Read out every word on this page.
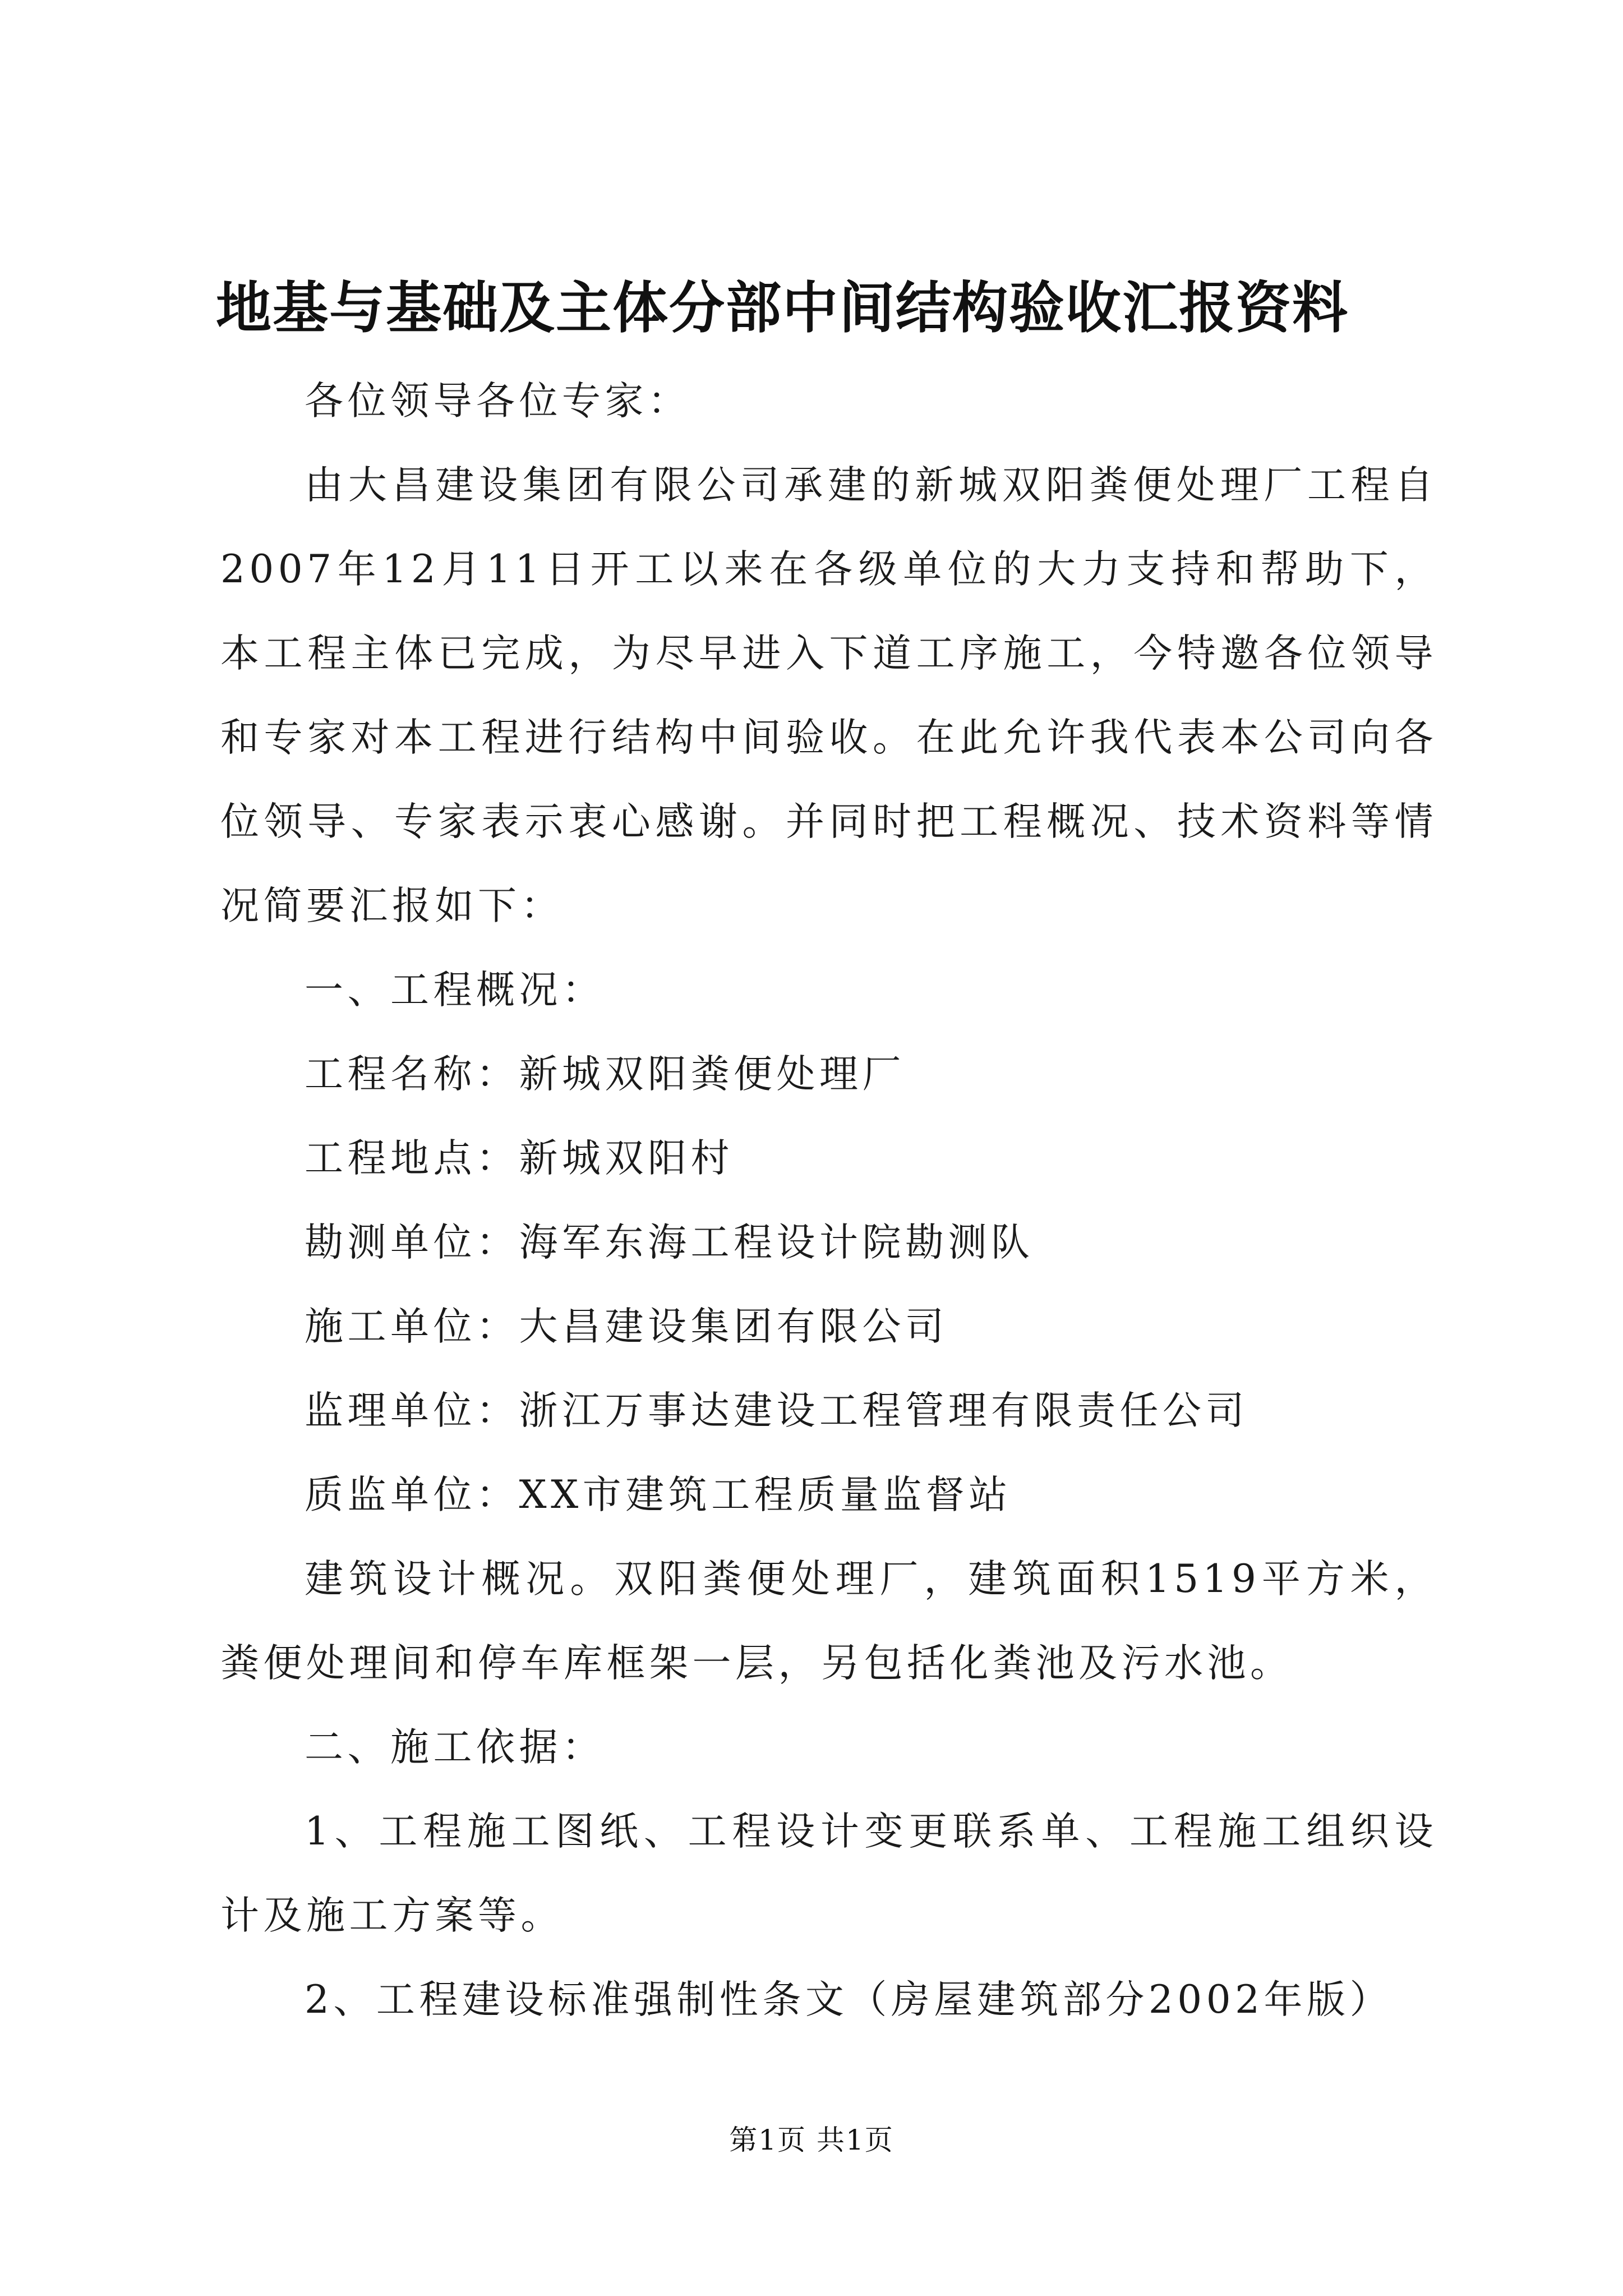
地基与基础及主体分部中间结构验收汇报资料

各位领导各位专家：

由大昌建设集团有限公司承建的新城双阳粪便处理厂工程自2007年12月11日开工以来在各级单位的大力支持和帮助下，本工程主体已完成，为尽早进入下道工序施工，今特邀各位领导和专家对本工程进行结构中间验收。在此允许我代表本公司向各位领导、专家表示衷心感谢。并同时把工程概况、技术资料等情况简要汇报如下：

一、工程概况：

工程名称：新城双阳粪便处理厂

工程地点：新城双阳村

勘测单位：海军东海工程设计院勘测队

施工单位：大昌建设集团有限公司

监理单位：浙江万事达建设工程管理有限责任公司

质监单位：XX市建筑工程质量监督站

建筑设计概况。双阳粪便处理厂，建筑面积1519平方米，粪便处理间和停车库框架一层，另包括化粪池及污水池。

二、施工依据：

1、工程施工图纸、工程设计变更联系单、工程施工组织设计及施工方案等。

2、工程建设标准强制性条文（房屋建筑部分2002年版）

第1页 共1页
